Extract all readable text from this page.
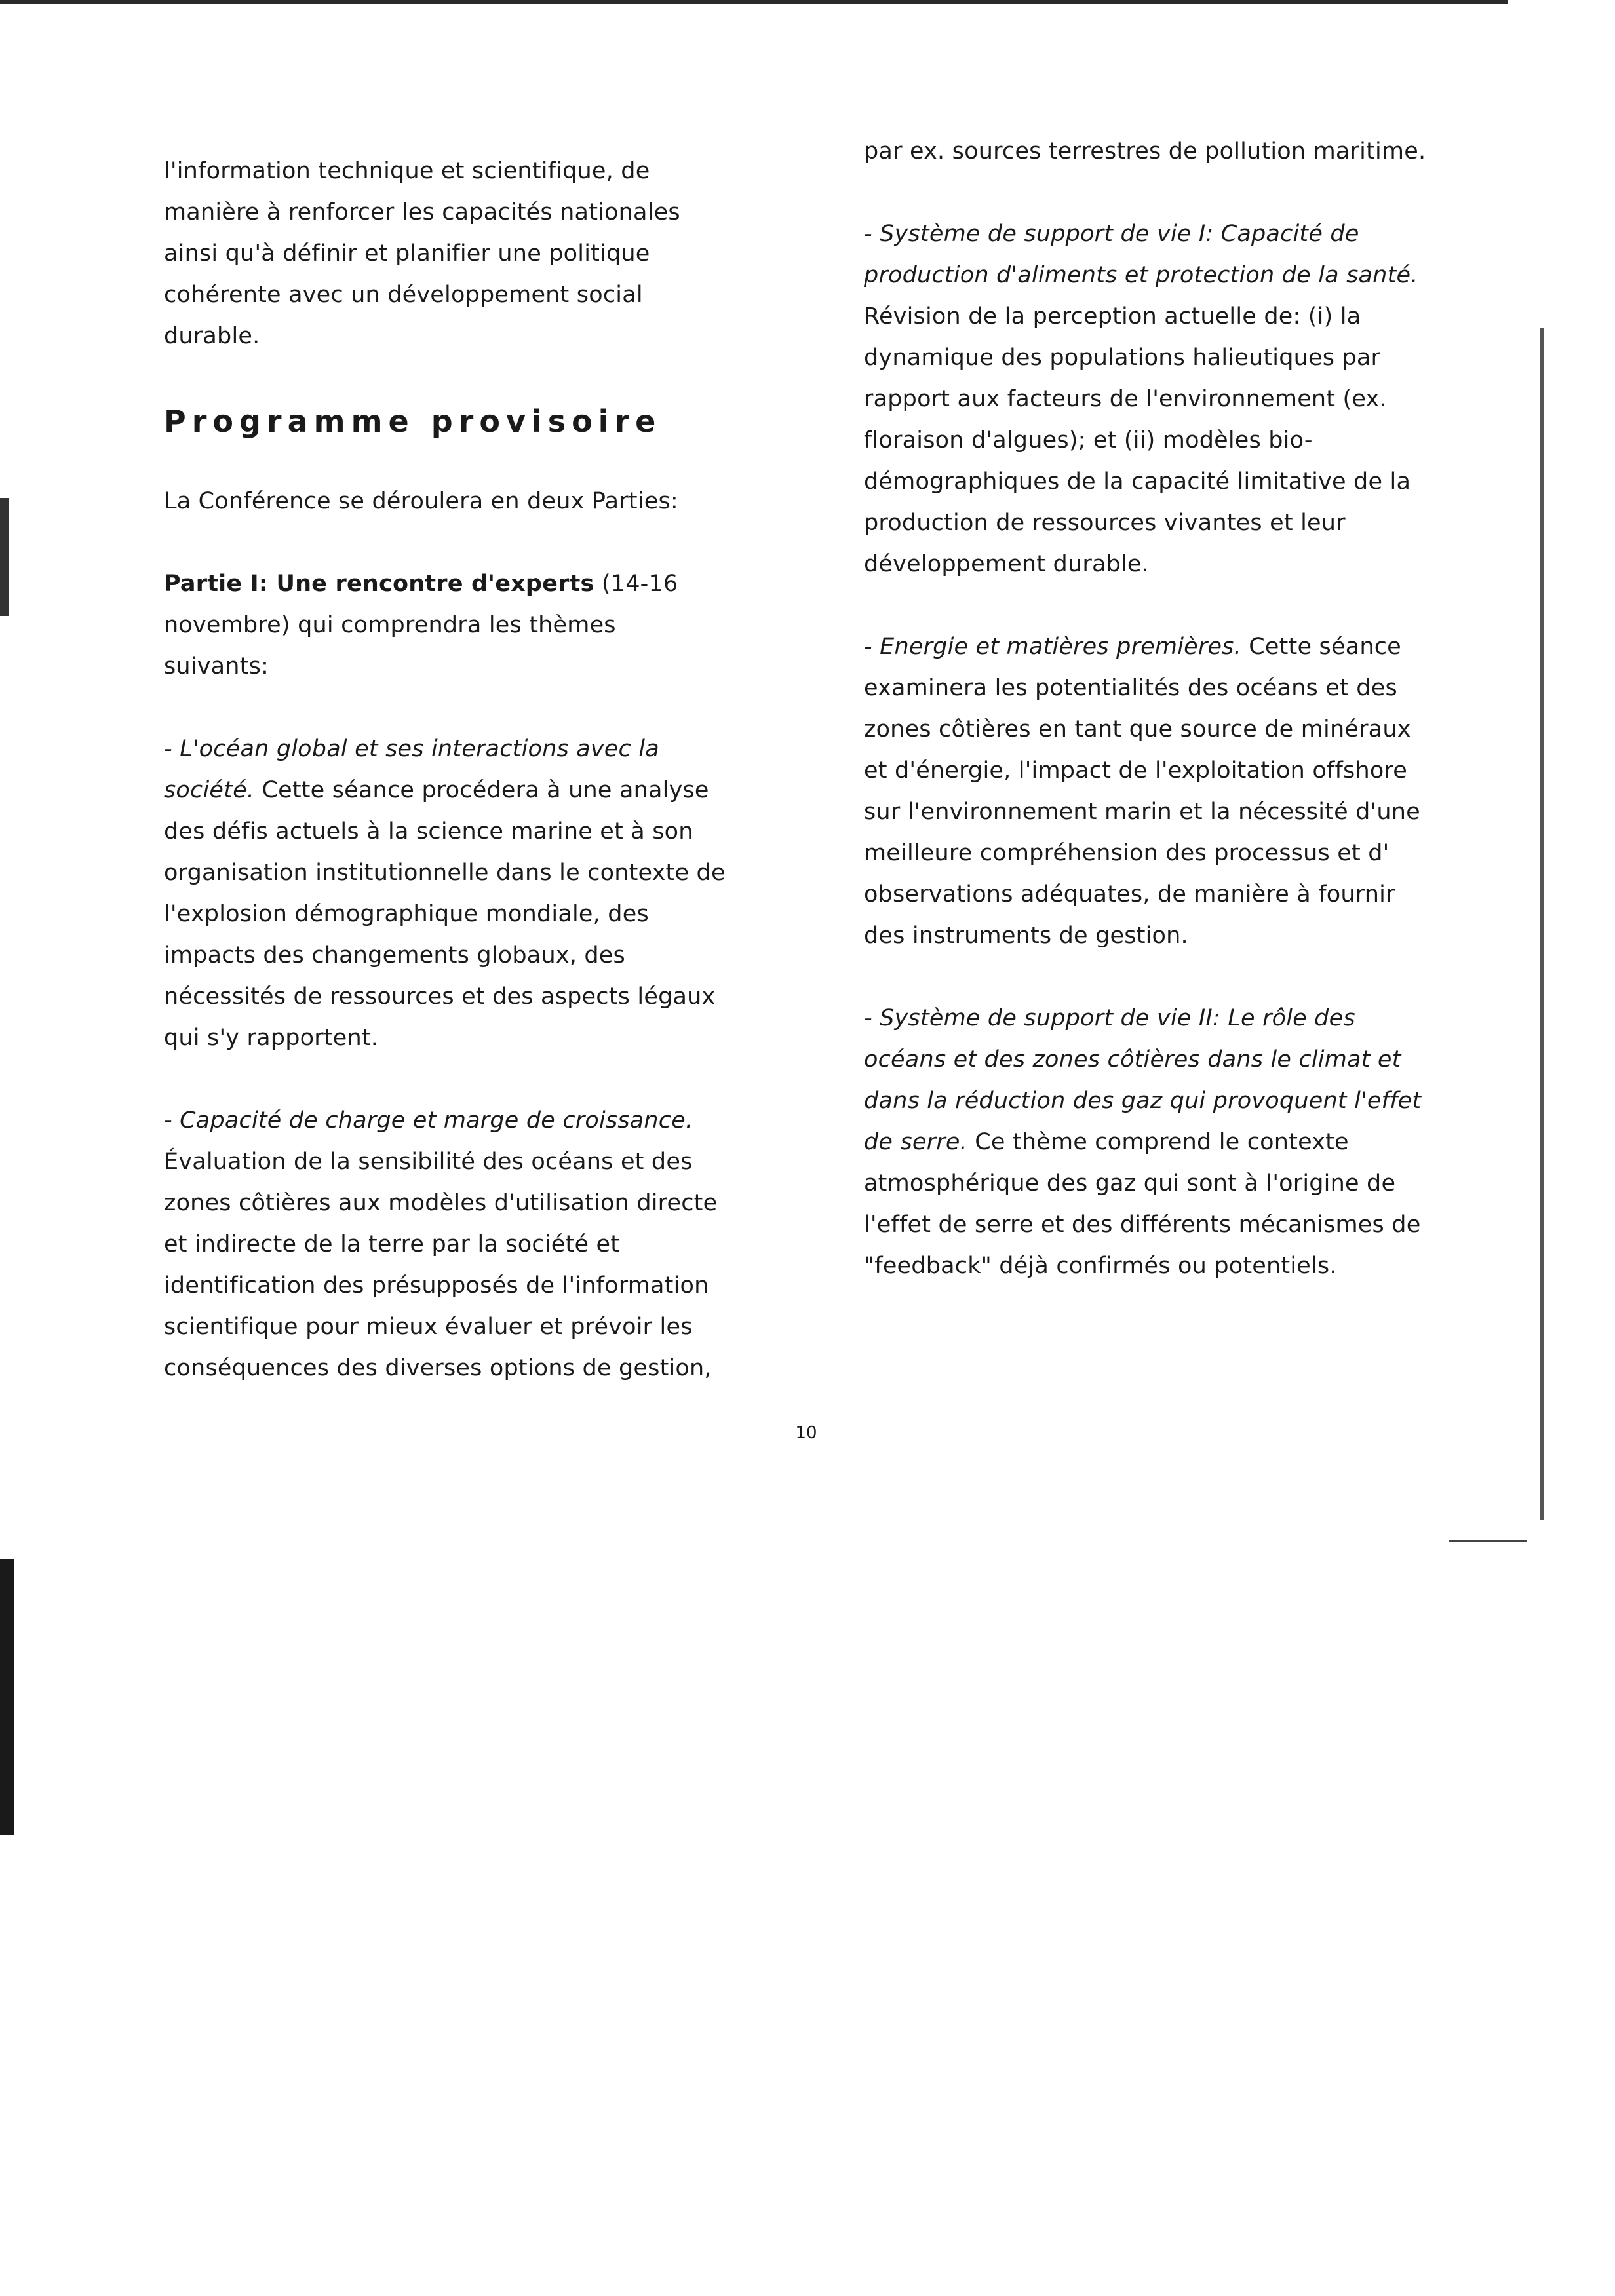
l'information technique et scientifique, de manière à renforcer les capacités nationales ainsi qu'à définir et planifier une politique cohérente avec un développement social durable.

Programme provisoire

La Conférence se déroulera en deux Parties:

Partie I: Une rencontre d'experts (14-16 novembre) qui comprendra les thèmes suivants:

- L'océan global et ses interactions avec la société. Cette séance procédera à une analyse des défis actuels à la science marine et à son organisation institutionnelle dans le contexte de l'explosion démographique mondiale, des impacts des changements globaux, des nécessités de ressources et des aspects légaux qui s'y rapportent.

- Capacité de charge et marge de croissance. Évaluation de la sensibilité des océans et des zones côtières aux modèles d'utilisation directe et indirecte de la terre par la société et identification des présupposés de l'information scientifique pour mieux évaluer et prévoir les conséquences des diverses options de gestion,

par ex. sources terrestres de pollution maritime.

- Système de support de vie I: Capacité de production d'aliments et protection de la santé. Révision de la perception actuelle de: (i) la dynamique des populations halieutiques par rapport aux facteurs de l'environnement (ex. floraison d'algues); et (ii) modèles bio-démographiques de la capacité limitative de la production de ressources vivantes et leur développement durable.

- Energie et matières premières. Cette séance examinera les potentialités des océans et des zones côtières en tant que source de minéraux et d'énergie, l'impact de l'exploitation offshore sur l'environnement marin et la nécessité d'une meilleure compréhension des processus et d' observations adéquates, de manière à fournir des instruments de gestion.

- Système de support de vie II: Le rôle des océans et des zones côtières dans le climat et dans la réduction des gaz qui provoquent l'effet de serre. Ce thème comprend le contexte atmosphérique des gaz qui sont à l'origine de l'effet de serre et des différents mécanismes de "feedback" déjà confirmés ou potentiels.

10
